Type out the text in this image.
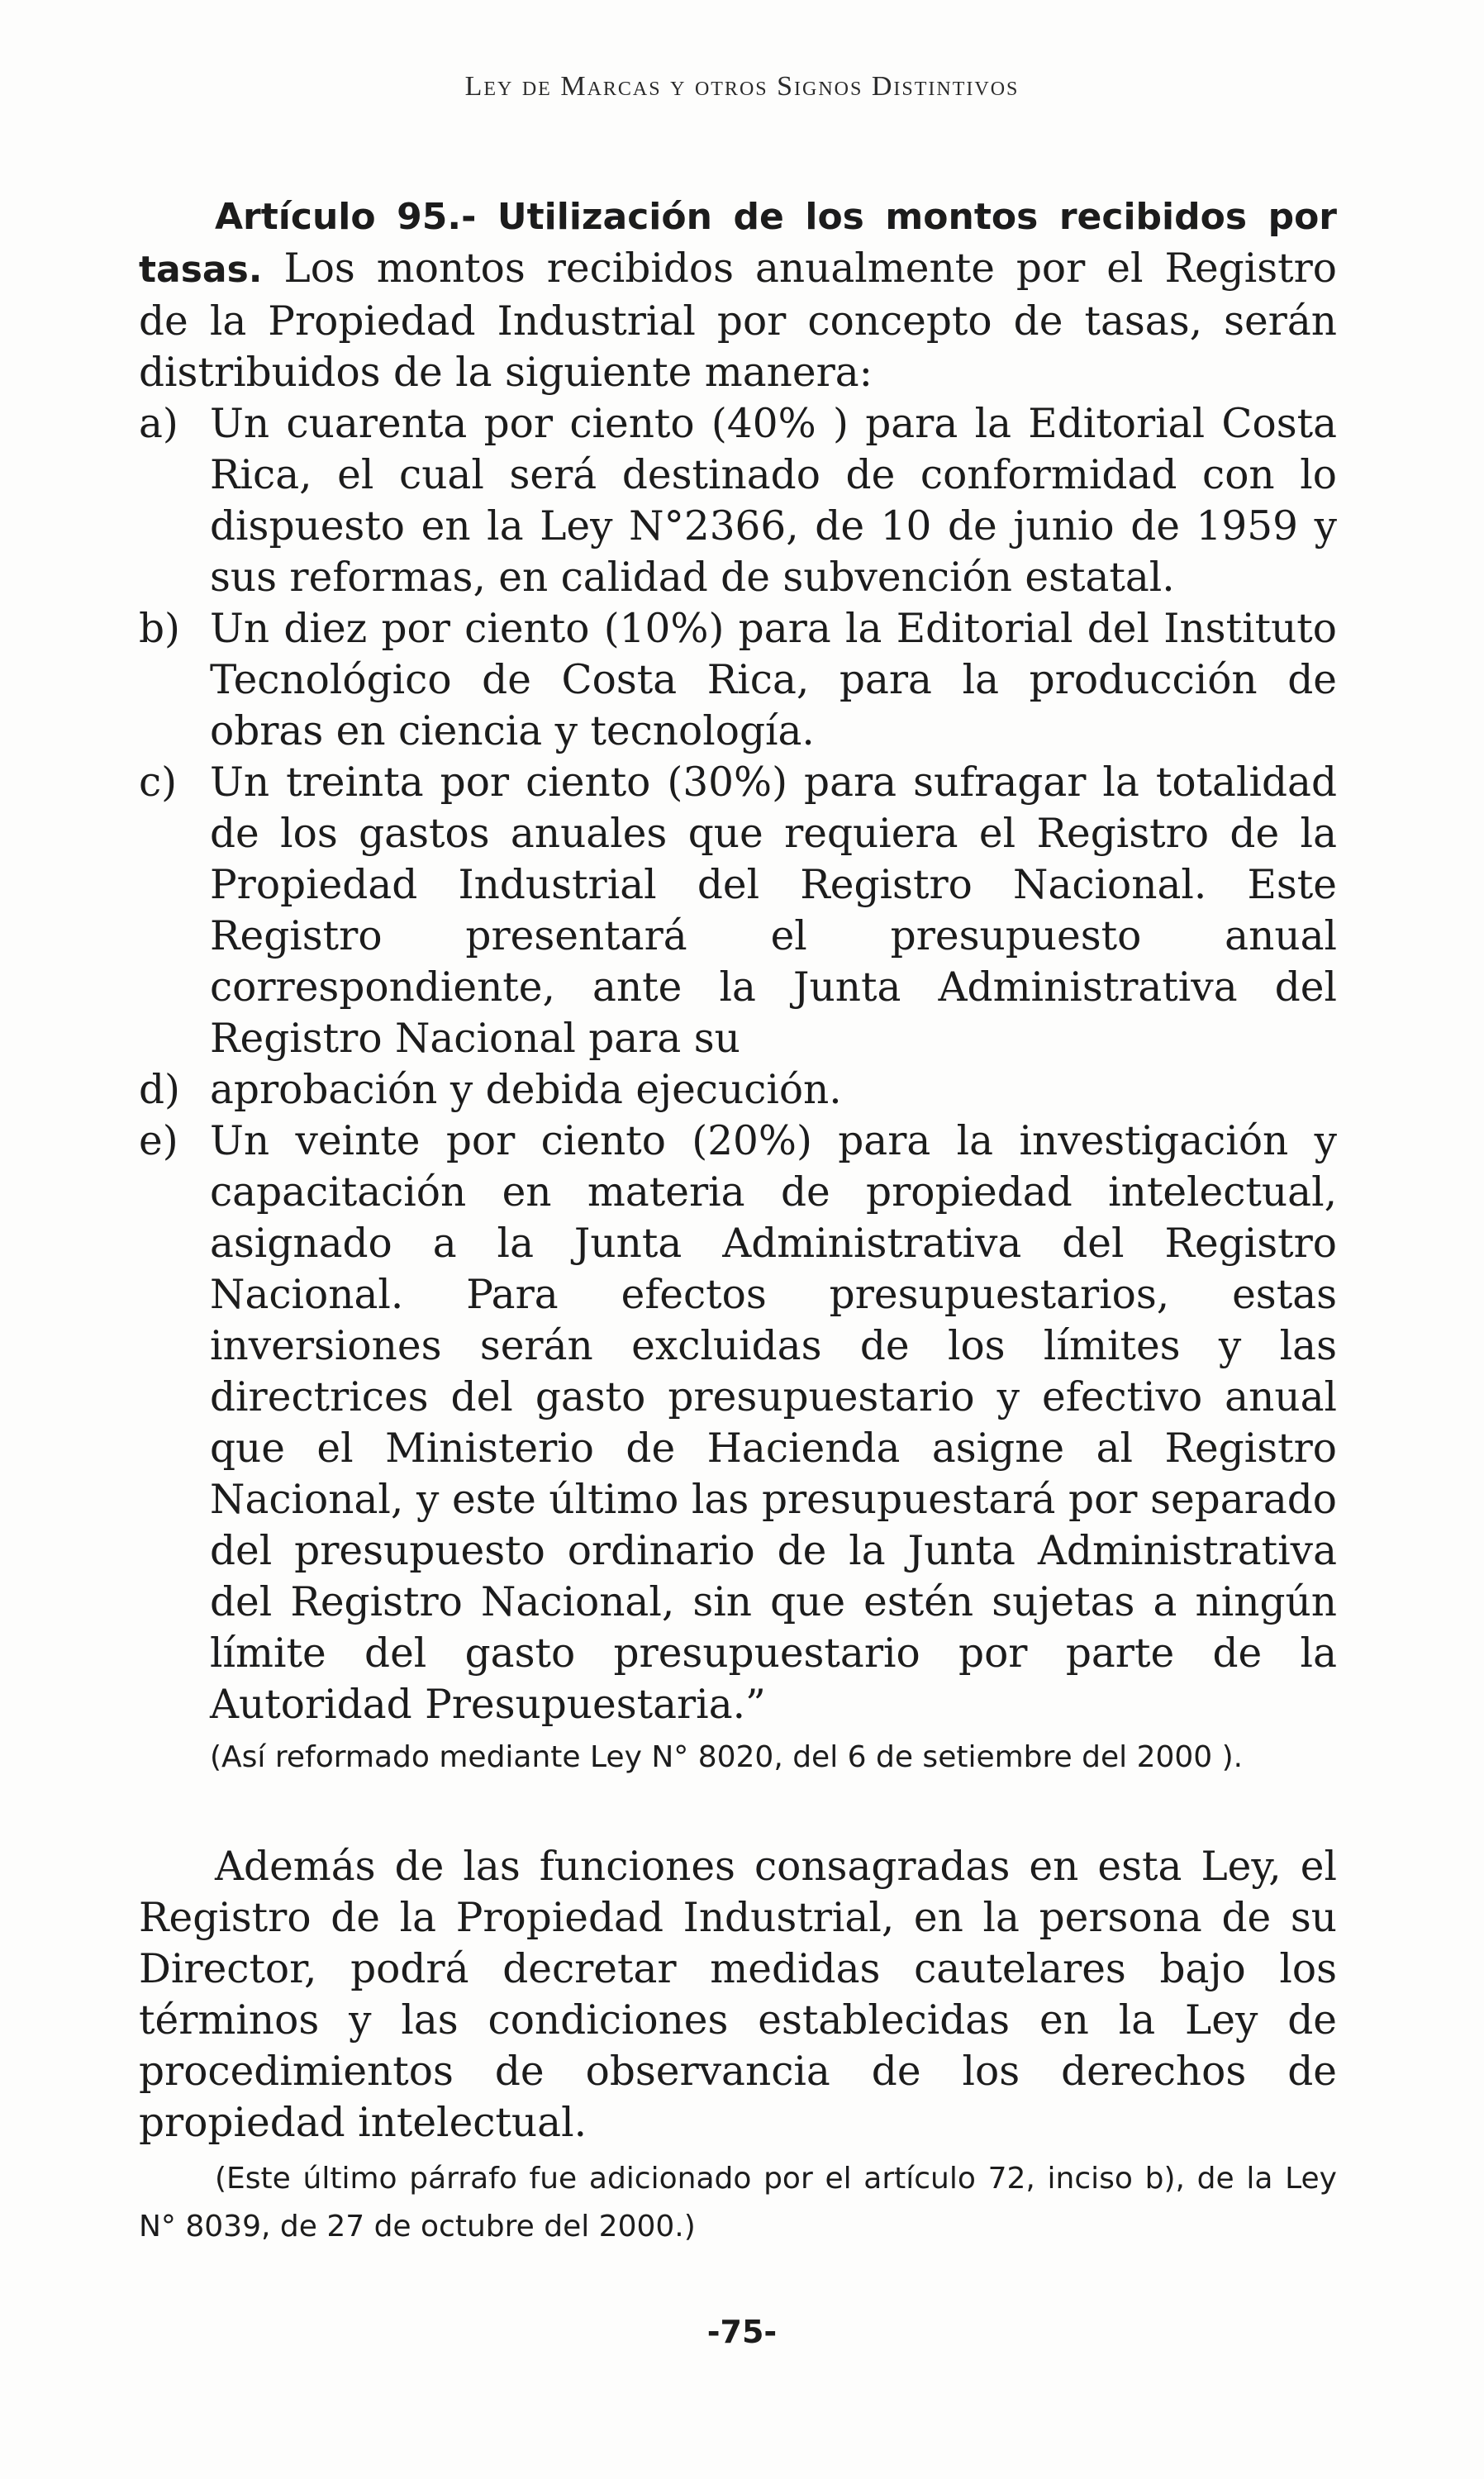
Ley de Marcas y otros Signos Distintivos

Artículo 95.- Utilización de los montos recibidos por tasas. Los montos recibidos anualmente por el Registro de la Propiedad Industrial por concepto de tasas, serán distribuidos de la siguiente manera:

a) Un cuarenta por ciento (40% ) para la Editorial Costa Rica, el cual será destinado de conformidad con lo dispuesto en la Ley N°2366, de 10 de junio de 1959 y sus reformas, en calidad de subvención estatal.
b) Un diez por ciento (10%) para la Editorial del Instituto Tecnológico de Costa Rica, para la producción de obras en ciencia y tecnología.
c) Un treinta por ciento (30%) para sufragar la totalidad de los gastos anuales que requiera el Registro de la Propiedad Industrial del Registro Nacional. Este Registro presentará el presupuesto anual correspondiente, ante la Junta Administrativa del Registro Nacional para su
d) aprobación y debida ejecución.
e) Un veinte por ciento (20%) para la investigación y capacitación en materia de propiedad intelectual, asignado a la Junta Administrativa del Registro Nacional. Para efectos presupuestarios, estas inversiones serán excluidas de los límites y las directrices del gasto presupuestario y efectivo anual que el Ministerio de Hacienda asigne al Registro Nacional, y este último las presupuestará por separado del presupuesto ordinario de la Junta Administrativa del Registro Nacional, sin que estén sujetas a ningún límite del gasto presupuestario por parte de la Autoridad Presupuestaria.”

(Así reformado mediante Ley N° 8020, del 6 de setiembre del 2000 ).

Además de las funciones consagradas en esta Ley, el Registro de la Propiedad Industrial, en la persona de su Director, podrá decretar medidas cautelares bajo los términos y las condiciones establecidas en la Ley de procedimientos de observancia de los derechos de propiedad intelectual.

(Este último párrafo fue adicionado por el artículo 72, inciso b), de la Ley N° 8039, de 27 de octubre del 2000.)

-75-
